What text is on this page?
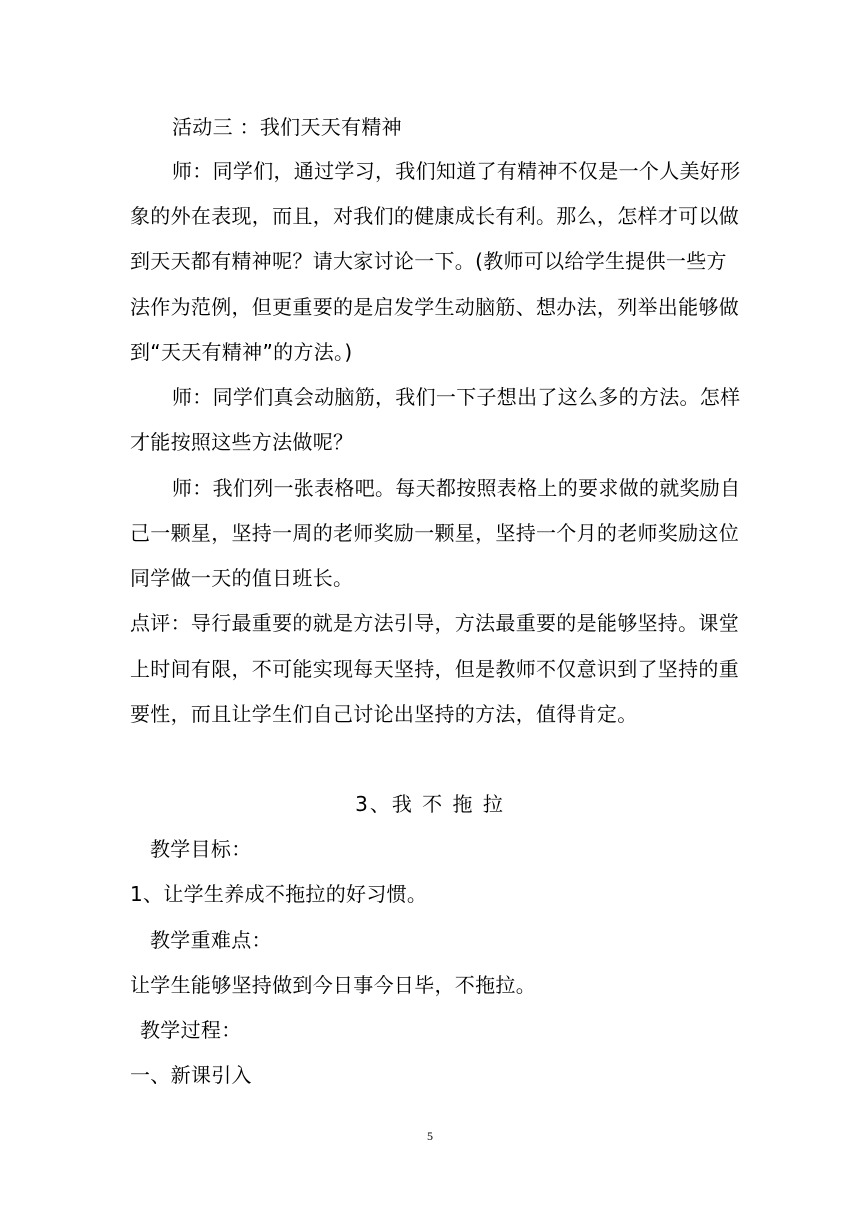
活动三 ：我们天天有精神
师：同学们，通过学习，我们知道了有精神不仅是一个人美好形
象的外在表现，而且，对我们的健康成长有利。那么，怎样才可以做
到天天都有精神呢？请大家讨论一下。(教师可以给学生提供一些方
法作为范例，但更重要的是启发学生动脑筋、想办法，列举出能够做
到“天天有精神”的方法。)
师：同学们真会动脑筋，我们一下子想出了这么多的方法。怎样
才能按照这些方法做呢？
师：我们列一张表格吧。每天都按照表格上的要求做的就奖励自
己一颗星，坚持一周的老师奖励一颗星，坚持一个月的老师奖励这位
同学做一天的值日班长。
点评：导行最重要的就是方法引导，方法最重要的是能够坚持。课堂
上时间有限，不可能实现每天坚持，但是教师不仅意识到了坚持的重
要性，而且让学生们自己讨论出坚持的方法，值得肯定。
3、我 不 拖 拉
教学目标：
1、让学生养成不拖拉的好习惯。
教学重难点：
让学生能够坚持做到今日事今日毕，不拖拉。
教学过程：
一、新课引入
5
